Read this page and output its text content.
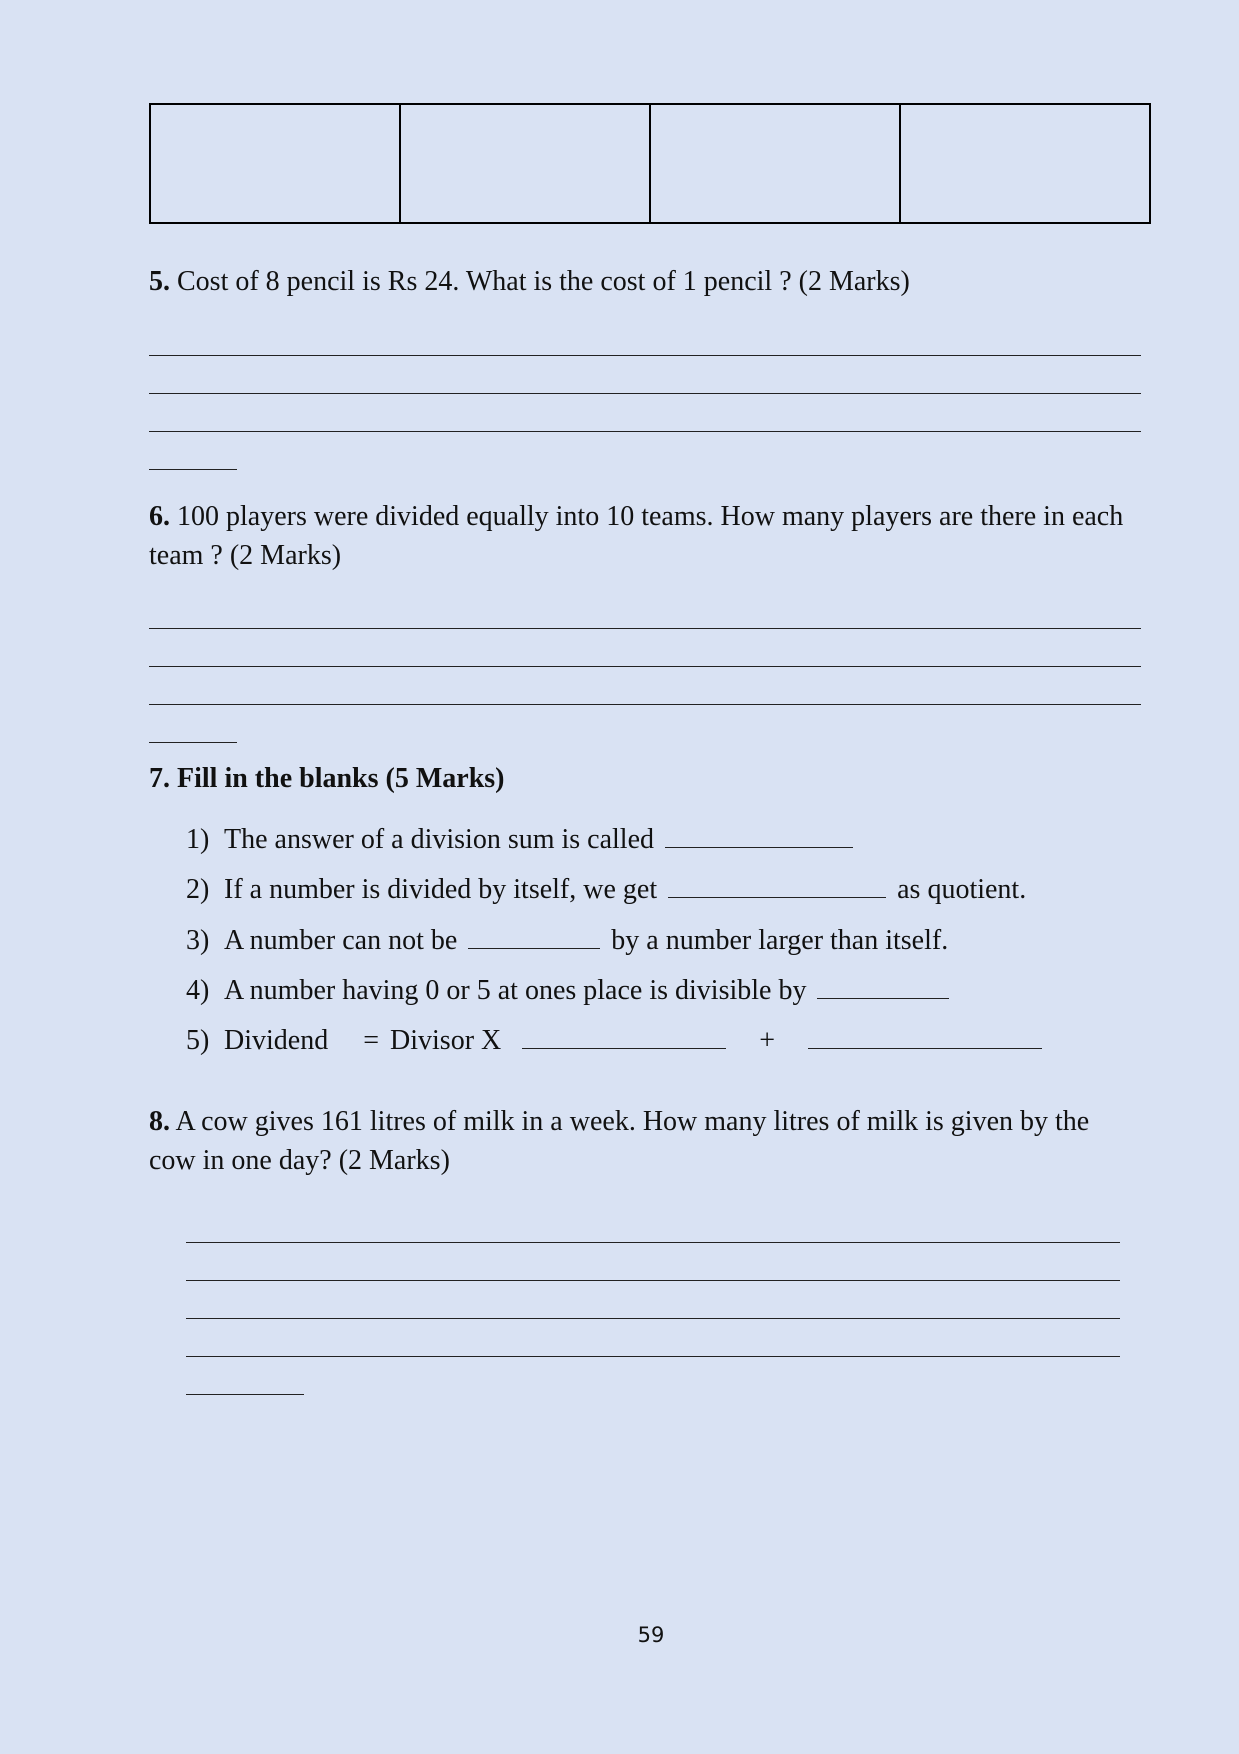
5. Cost of 8 pencil is Rs 24. What is the cost of 1 pencil ? (2 Marks)

6. 100 players were divided equally into 10 teams. How many players are there in each team ? (2 Marks)

7. Fill in the blanks (5 Marks)

1) The answer of a division sum is called

2) If a number is divided by itself, we get	as quotient.

3) A number can not be	by a number larger than itself.

4) A number having 0 or 5 at ones place is divisible by

5) Dividend = Divisor X	+

8. A cow gives 161 litres of milk in a week. How many litres of milk is given by the cow in one day? (2 Marks)

59
